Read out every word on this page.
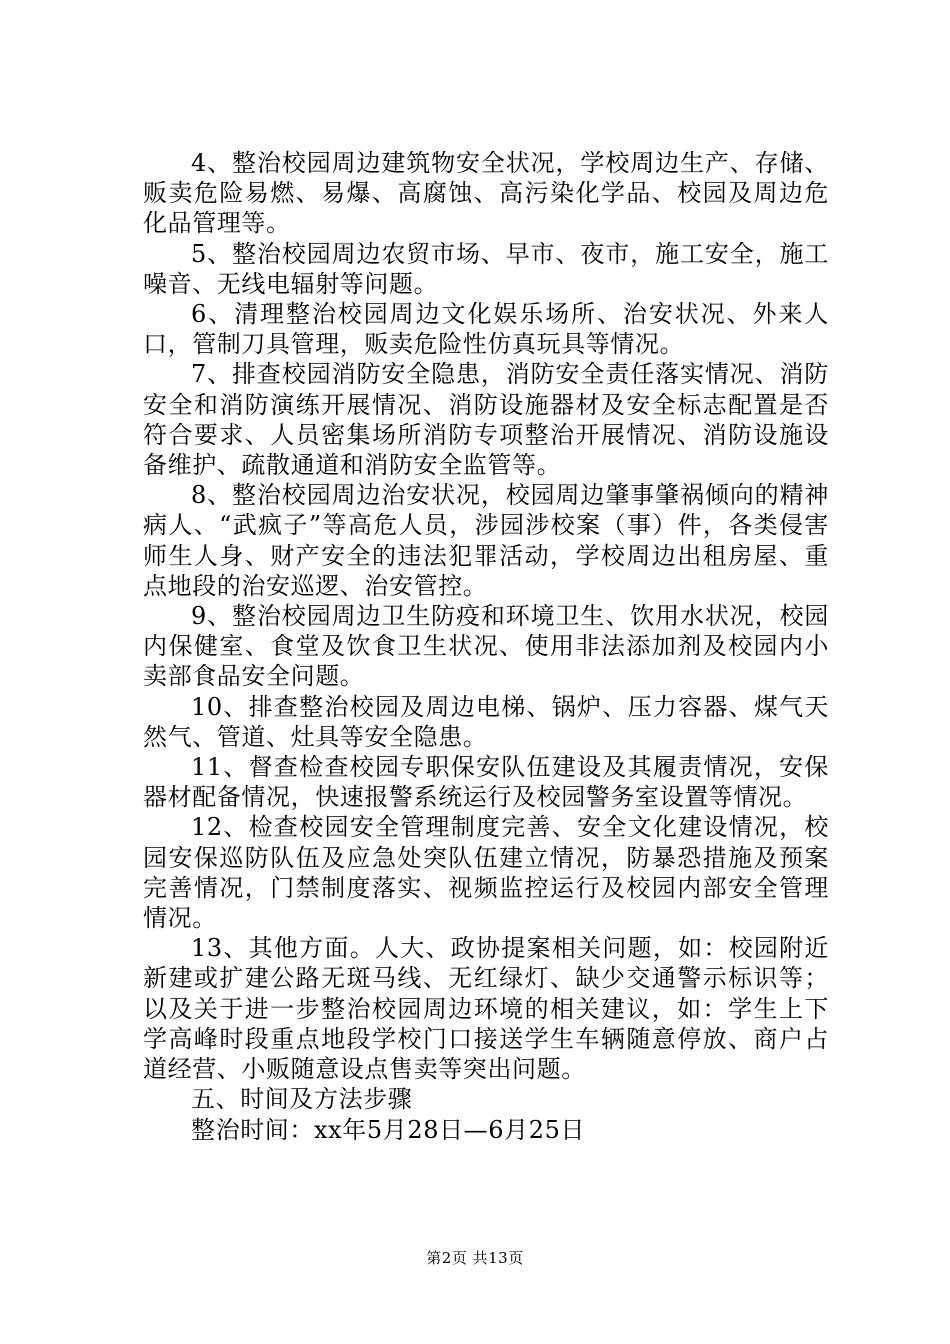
4、整治校园周边建筑物安全状况，学校周边生产、存储、贩卖危险易燃、易爆、高腐蚀、高污染化学品、校园及周边危化品管理等。

5、整治校园周边农贸市场、早市、夜市，施工安全，施工噪音、无线电辐射等问题。

6、清理整治校园周边文化娱乐场所、治安状况、外来人口，管制刀具管理，贩卖危险性仿真玩具等情况。

7、排查校园消防安全隐患，消防安全责任落实情况、消防安全和消防演练开展情况、消防设施器材及安全标志配置是否符合要求、人员密集场所消防专项整治开展情况、消防设施设备维护、疏散通道和消防安全监管等。

8、整治校园周边治安状况，校园周边肇事肇祸倾向的精神病人、“武疯子”等高危人员，涉园涉校案（事）件，各类侵害师生人身、财产安全的违法犯罪活动，学校周边出租房屋、重点地段的治安巡逻、治安管控。

9、整治校园周边卫生防疫和环境卫生、饮用水状况，校园内保健室、食堂及饮食卫生状况、使用非法添加剂及校园内小卖部食品安全问题。

10、排查整治校园及周边电梯、锅炉、压力容器、煤气天然气、管道、灶具等安全隐患。

11、督查检查校园专职保安队伍建设及其履责情况，安保器材配备情况，快速报警系统运行及校园警务室设置等情况。

12、检查校园安全管理制度完善、安全文化建设情况，校园安保巡防队伍及应急处突队伍建立情况，防暴恐措施及预案完善情况，门禁制度落实、视频监控运行及校园内部安全管理情况。

13、其他方面。人大、政协提案相关问题，如：校园附近新建或扩建公路无斑马线、无红绿灯、缺少交通警示标识等；以及关于进一步整治校园周边环境的相关建议，如：学生上下学高峰时段重点地段学校门口接送学生车辆随意停放、商户占道经营、小贩随意设点售卖等突出问题。

五、时间及方法步骤

整治时间：xx年5月28日—6月25日

第2页 共13页
